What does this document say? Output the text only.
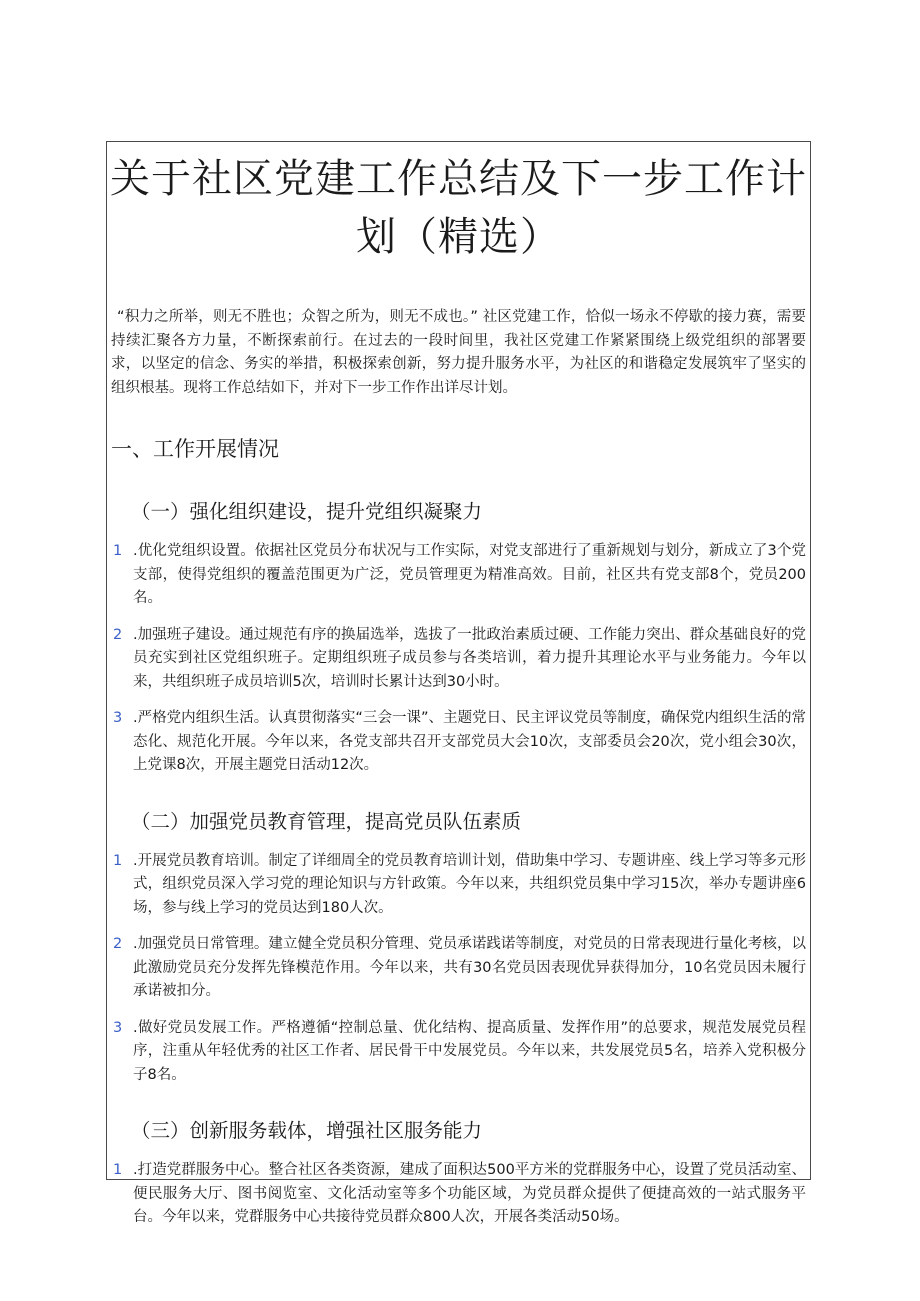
关于社区党建工作总结及下一步工作计
划（精选）

“积力之所举，则无不胜也；众智之所为，则无不成也。” 社区党建工作，恰似一场永不停歇的接力赛，需要持续汇聚各方力量，不断探索前行。在过去的一段时间里，我社区党建工作紧紧围绕上级党组织的部署要求，以坚定的信念、务实的举措，积极探索创新，努力提升服务水平，为社区的和谐稳定发展筑牢了坚实的组织根基。现将工作总结如下，并对下一步工作作出详尽计划。

一、工作开展情况
（一）强化组织建设，提升党组织凝聚力
1 .优化党组织设置。依据社区党员分布状况与工作实际，对党支部进行了重新规划与划分，新成立了3个党支部，使得党组织的覆盖范围更为广泛，党员管理更为精准高效。目前，社区共有党支部8个，党员200名。
2 .加强班子建设。通过规范有序的换届选举，选拔了一批政治素质过硬、工作能力突出、群众基础良好的党员充实到社区党组织班子。定期组织班子成员参与各类培训，着力提升其理论水平与业务能力。今年以来，共组织班子成员培训5次，培训时长累计达到30小时。
3 .严格党内组织生活。认真贯彻落实“三会一课”、主题党日、民主评议党员等制度，确保党内组织生活的常态化、规范化开展。今年以来，各党支部共召开支部党员大会10次，支部委员会20次，党小组会30次，上党课8次，开展主题党日活动12次。
（二）加强党员教育管理，提高党员队伍素质
1 .开展党员教育培训。制定了详细周全的党员教育培训计划，借助集中学习、专题讲座、线上学习等多元形式，组织党员深入学习党的理论知识与方针政策。今年以来，共组织党员集中学习15次，举办专题讲座6场，参与线上学习的党员达到180人次。
2 .加强党员日常管理。建立健全党员积分管理、党员承诺践诺等制度，对党员的日常表现进行量化考核，以此激励党员充分发挥先锋模范作用。今年以来，共有30名党员因表现优异获得加分，10名党员因未履行承诺被扣分。
3 .做好党员发展工作。严格遵循“控制总量、优化结构、提高质量、发挥作用”的总要求，规范发展党员程序，注重从年轻优秀的社区工作者、居民骨干中发展党员。今年以来，共发展党员5名，培养入党积极分子8名。
（三）创新服务载体，增强社区服务能力
1 .打造党群服务中心。整合社区各类资源，建成了面积达500平方米的党群服务中心，设置了党员活动室、便民服务大厅、图书阅览室、文化活动室等多个功能区域，为党员群众提供了便捷高效的一站式服务平台。今年以来，党群服务中心共接待党员群众800人次，开展各类活动50场。
